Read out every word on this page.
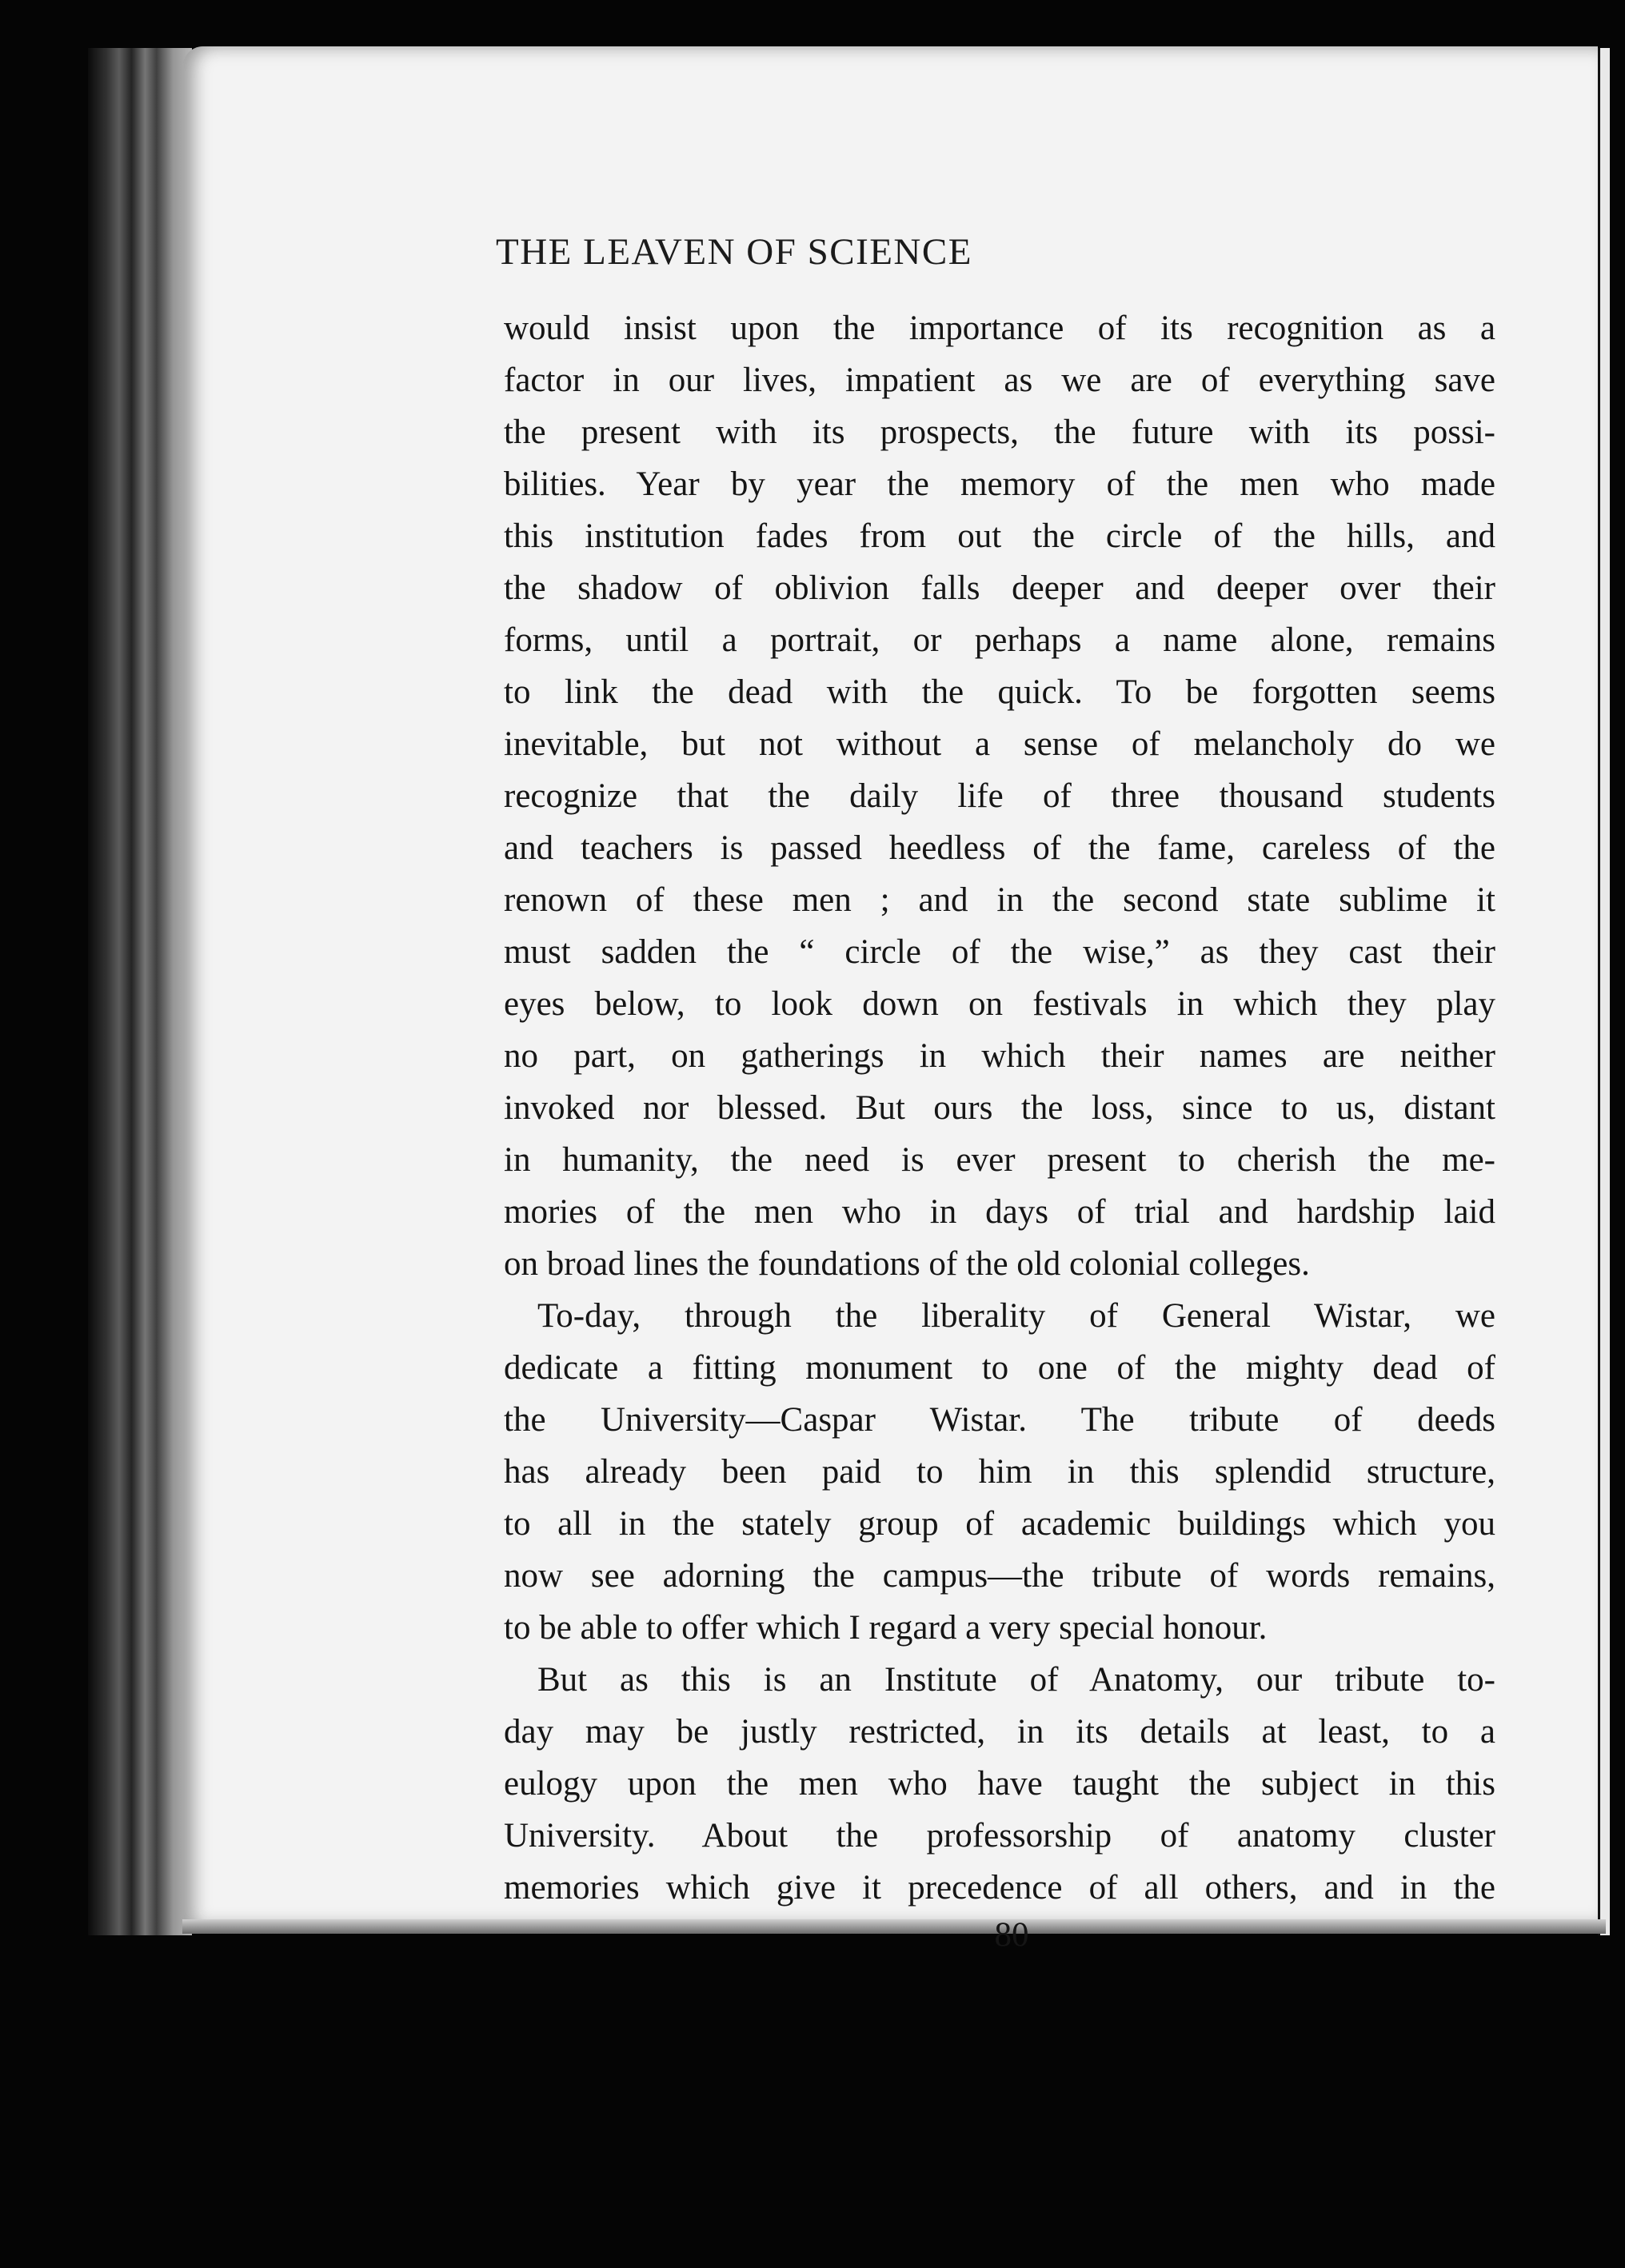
THE LEAVEN OF SCIENCE
would insist upon the importance of its recognition as a
factor in our lives, impatient as we are of everything save
the present with its prospects, the future with its possi-
bilities. Year by year the memory of the men who made
this institution fades from out the circle of the hills, and
the shadow of oblivion falls deeper and deeper over their
forms, until a portrait, or perhaps a name alone, remains
to link the dead with the quick. To be forgotten seems
inevitable, but not without a sense of melancholy do we
recognize that the daily life of three thousand students
and teachers is passed heedless of the fame, careless of the
renown of these men ; and in the second state sublime it
must sadden the “ circle of the wise,” as they cast their
eyes below, to look down on festivals in which they play
no part, on gatherings in which their names are neither
invoked nor blessed. But ours the loss, since to us, distant
in humanity, the need is ever present to cherish the me-
mories of the men who in days of trial and hardship laid
on broad lines the foundations of the old colonial colleges.
To-day, through the liberality of General Wistar, we
dedicate a fitting monument to one of the mighty dead of
the University—Caspar Wistar. The tribute of deeds
has already been paid to him in this splendid structure,
to all in the stately group of academic buildings which you
now see adorning the campus—the tribute of words remains,
to be able to offer which I regard a very special honour.
But as this is an Institute of Anatomy, our tribute to-
day may be justly restricted, in its details at least, to a
eulogy upon the men who have taught the subject in this
University. About the professorship of anatomy cluster
memories which give it precedence of all others, and in the
80
